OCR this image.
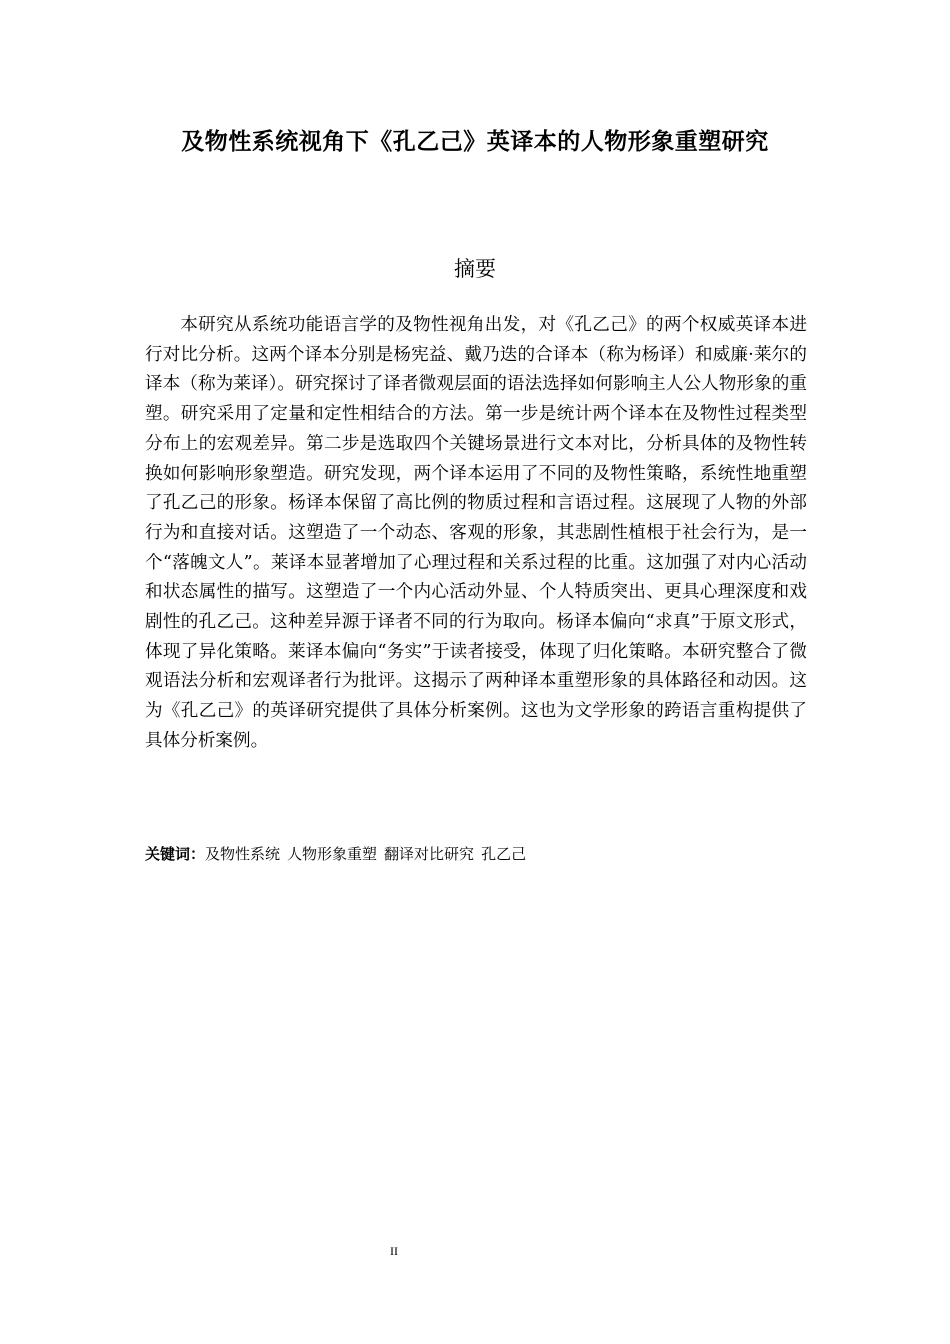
及物性系统视角下《孔乙己》英译本的人物形象重塑研究
摘要

本研究从系统功能语言学的及物性视角出发，对《孔乙己》的两个权威英译本进行对比分析。这两个译本分别是杨宪益、戴乃迭的合译本（称为杨译）和威廉·莱尔的译本（称为莱译）。研究探讨了译者微观层面的语法选择如何影响主人公人物形象的重塑。研究采用了定量和定性相结合的方法。第一步是统计两个译本在及物性过程类型分布上的宏观差异。第二步是选取四个关键场景进行文本对比，分析具体的及物性转换如何影响形象塑造。研究发现，两个译本运用了不同的及物性策略，系统性地重塑了孔乙己的形象。杨译本保留了高比例的物质过程和言语过程。这展现了人物的外部行为和直接对话。这塑造了一个动态、客观的形象，其悲剧性植根于社会行为，是一个“落魄文人”。莱译本显著增加了心理过程和关系过程的比重。这加强了对内心活动和状态属性的描写。这塑造了一个内心活动外显、个人特质突出、更具心理深度和戏剧性的孔乙己。这种差异源于译者不同的行为取向。杨译本偏向“求真”于原文形式，体现了异化策略。莱译本偏向“务实”于读者接受，体现了归化策略。本研究整合了微观语法分析和宏观译者行为批评。这揭示了两种译本重塑形象的具体路径和动因。这为《孔乙己》的英译研究提供了具体分析案例。这也为文学形象的跨语言重构提供了具体分析案例。

关键词：及物性系统 人物形象重塑 翻译对比研究 孔乙己
II
